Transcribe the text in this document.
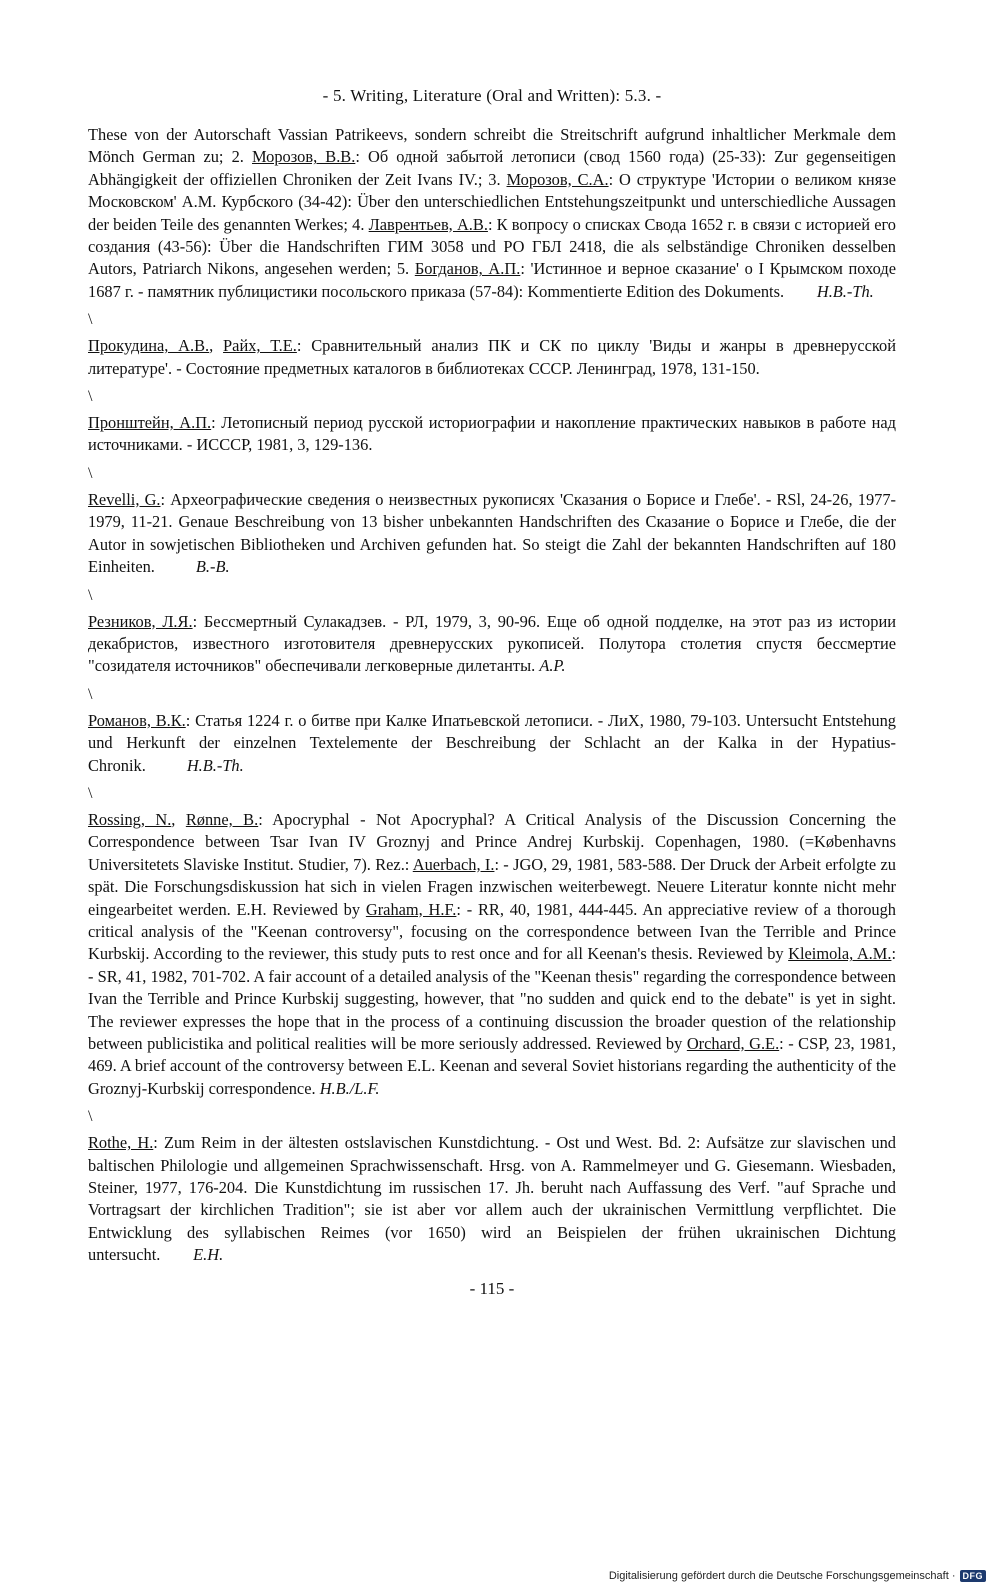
- 5. Writing, Literature (Oral and Written): 5.3. -

These von der Autorschaft Vassian Patrikeevs, sondern schreibt die Streitschrift aufgrund inhaltlicher Merkmale dem Mönch German zu; 2. Морозов, В.В.: Об одной забытой летописи (свод 1560 года) (25-33): Zur gegenseitigen Abhängigkeit der offiziellen Chroniken der Zeit Ivans IV.; 3. Морозов, С.А.: О структуре 'Истории о великом князе Московском' А.М. Курбского (34-42): Über den unterschiedlichen Entstehungszeitpunkt und unterschiedliche Aussagen der beiden Teile des genannten Werkes; 4. Лаврентьев, А.В.: К вопросу о списках Свода 1652 г. в связи с историей его создания (43-56): Über die Handschriften ГИМ 3058 und РО ГБЛ 2418, die als selbständige Chroniken desselben Autors, Patriarch Nikons, angesehen werden; 5. Богданов, А.П.: 'Истинное и верное сказание' о I Крымском походе 1687 г. - памятник публицистики посольского приказа (57-84): Kommentierte Edition des Dokuments. H.B.-Th.

\

Прокудина, А.В., Райх, Т.Е.: Сравнительный анализ ПК и СК по циклу 'Виды и жанры в древнерусской литературе'. - Состояние предметных каталогов в библиотеках СССР. Ленинград, 1978, 131-150.

\

Пронштейн, А.П.: Летописный период русской историографии и накопление практических навыков в работе над источниками. - ИСССР, 1981, 3, 129-136.

\

Revelli, G.: Археографические сведения о неизвестных рукописях 'Сказания о Борисе и Глебе'. - RSl, 24-26, 1977-1979, 11-21. Genaue Beschreibung von 13 bisher unbekannten Handschriften des Сказание о Борисе и Глебе, die der Autor in sowjetischen Bibliotheken und Archiven gefunden hat. So steigt die Zahl der bekannten Handschriften auf 180 Einheiten. B.-B.

\

Резников, Л.Я.: Бессмертный Сулакадзев. - РЛ, 1979, 3, 90-96. Еще об одной подделке, на этот раз из истории декабристов, известного изготовителя древнерусских рукописей. Полутора столетия спустя бессмертие "созидателя источников" обеспечивали легковерные дилетанты. A.P.

\

Романов, В.К.: Статья 1224 г. о битве при Калке Ипатьевской летописи. - ЛиХ, 1980, 79-103. Untersucht Entstehung und Herkunft der einzelnen Textelemente der Beschreibung der Schlacht an der Kalka in der Hypatius-Chronik. H.B.-Th.

\

Rossing, N., Rønne, B.: Apocryphal - Not Apocryphal? A Critical Analysis of the Discussion Concerning the Correspondence between Tsar Ivan IV Groznyj and Prince Andrej Kurbskij. Copenhagen, 1980. (=Københavns Universitetets Slaviske Institut. Studier, 7). Rez.: Auerbach, I.: - JGO, 29, 1981, 583-588. Der Druck der Arbeit erfolgte zu spät. Die Forschungsdiskussion hat sich in vielen Fragen inzwischen weiterbewegt. Neuere Literatur konnte nicht mehr eingearbeitet werden. E.H. Reviewed by Graham, H.F.: - RR, 40, 1981, 444-445. An appreciative review of a thorough critical analysis of the "Keenan controversy", focusing on the correspondence between Ivan the Terrible and Prince Kurbskij. According to the reviewer, this study puts to rest once and for all Keenan's thesis. Reviewed by Kleimola, A.M.: - SR, 41, 1982, 701-702. A fair account of a detailed analysis of the "Keenan thesis" regarding the correspondence between Ivan the Terrible and Prince Kurbskij suggesting, however, that "no sudden and quick end to the debate" is yet in sight. The reviewer expresses the hope that in the process of a continuing discussion the broader question of the relationship between publicistika and political realities will be more seriously addressed. Reviewed by Orchard, G.E.: - CSP, 23, 1981, 469. A brief account of the controversy between E.L. Keenan and several Soviet historians regarding the authenticity of the Groznyj-Kurbskij correspondence. H.B./L.F.

\

Rothe, H.: Zum Reim in der ältesten ostslavischen Kunstdichtung. - Ost und West. Bd. 2: Aufsätze zur slavischen und baltischen Philologie und allgemeinen Sprachwissenschaft. Hrsg. von A. Rammelmeyer und G. Giesemann. Wiesbaden, Steiner, 1977, 176-204. Die Kunstdichtung im russischen 17. Jh. beruht nach Auffassung des Verf. "auf Sprache und Vortragsart der kirchlichen Tradition"; sie ist aber vor allem auch der ukrainischen Vermittlung verpflichtet. Die Entwicklung des syllabischen Reimes (vor 1650) wird an Beispielen der frühen ukrainischen Dichtung untersucht. E.H.

- 115 -
Digitalisierung gefördert durch die Deutsche Forschungsgemeinschaft · DFG
